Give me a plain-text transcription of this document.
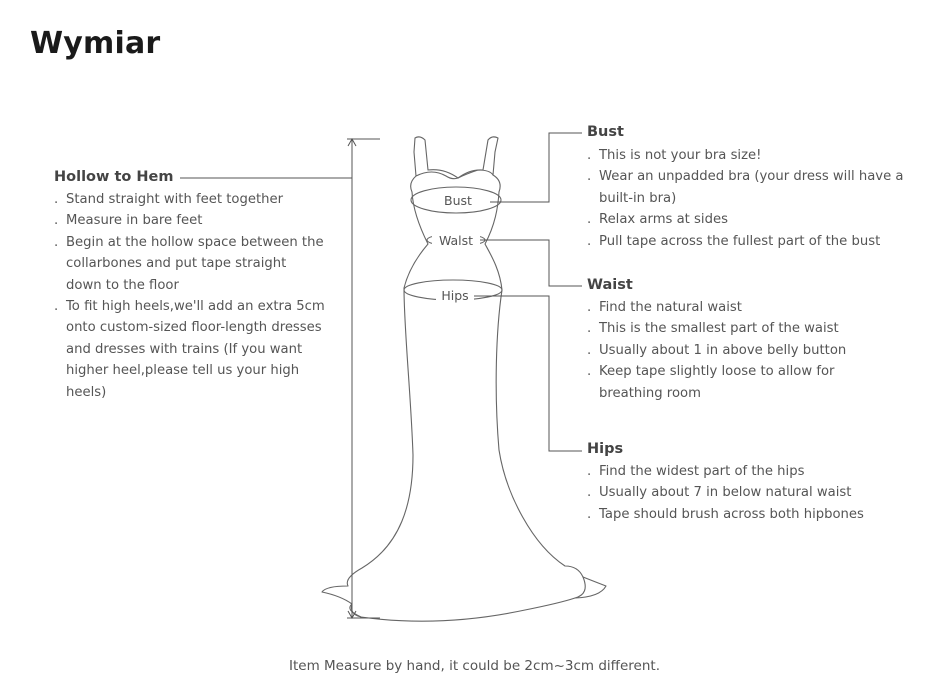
Wymiar
Bust
Walst
Hips
Hollow to Hem
. Stand straight with feet together
. Measure in bare feet
. Begin at the hollow space between the collarbones and put tape straight down to the floor
. To fit high heels,we'll add an extra 5cm onto custom-sized floor-length dresses and dresses with trains (If you want higher heel,please tell us your high heels)
Bust
. This is not your bra size!
. Wear an unpadded bra (your dress will have a built-in bra)
. Relax arms at sides
. Pull tape across the fullest part of the bust
Waist
. Find the natural waist
. This is the smallest part of the waist
. Usually about 1 in above belly button
. Keep tape slightly loose to allow for breathing room
Hips
. Find the widest part of the hips
. Usually about 7 in below natural waist
. Tape should brush across both hipbones

Item Measure by hand, it could be 2cm~3cm different.
